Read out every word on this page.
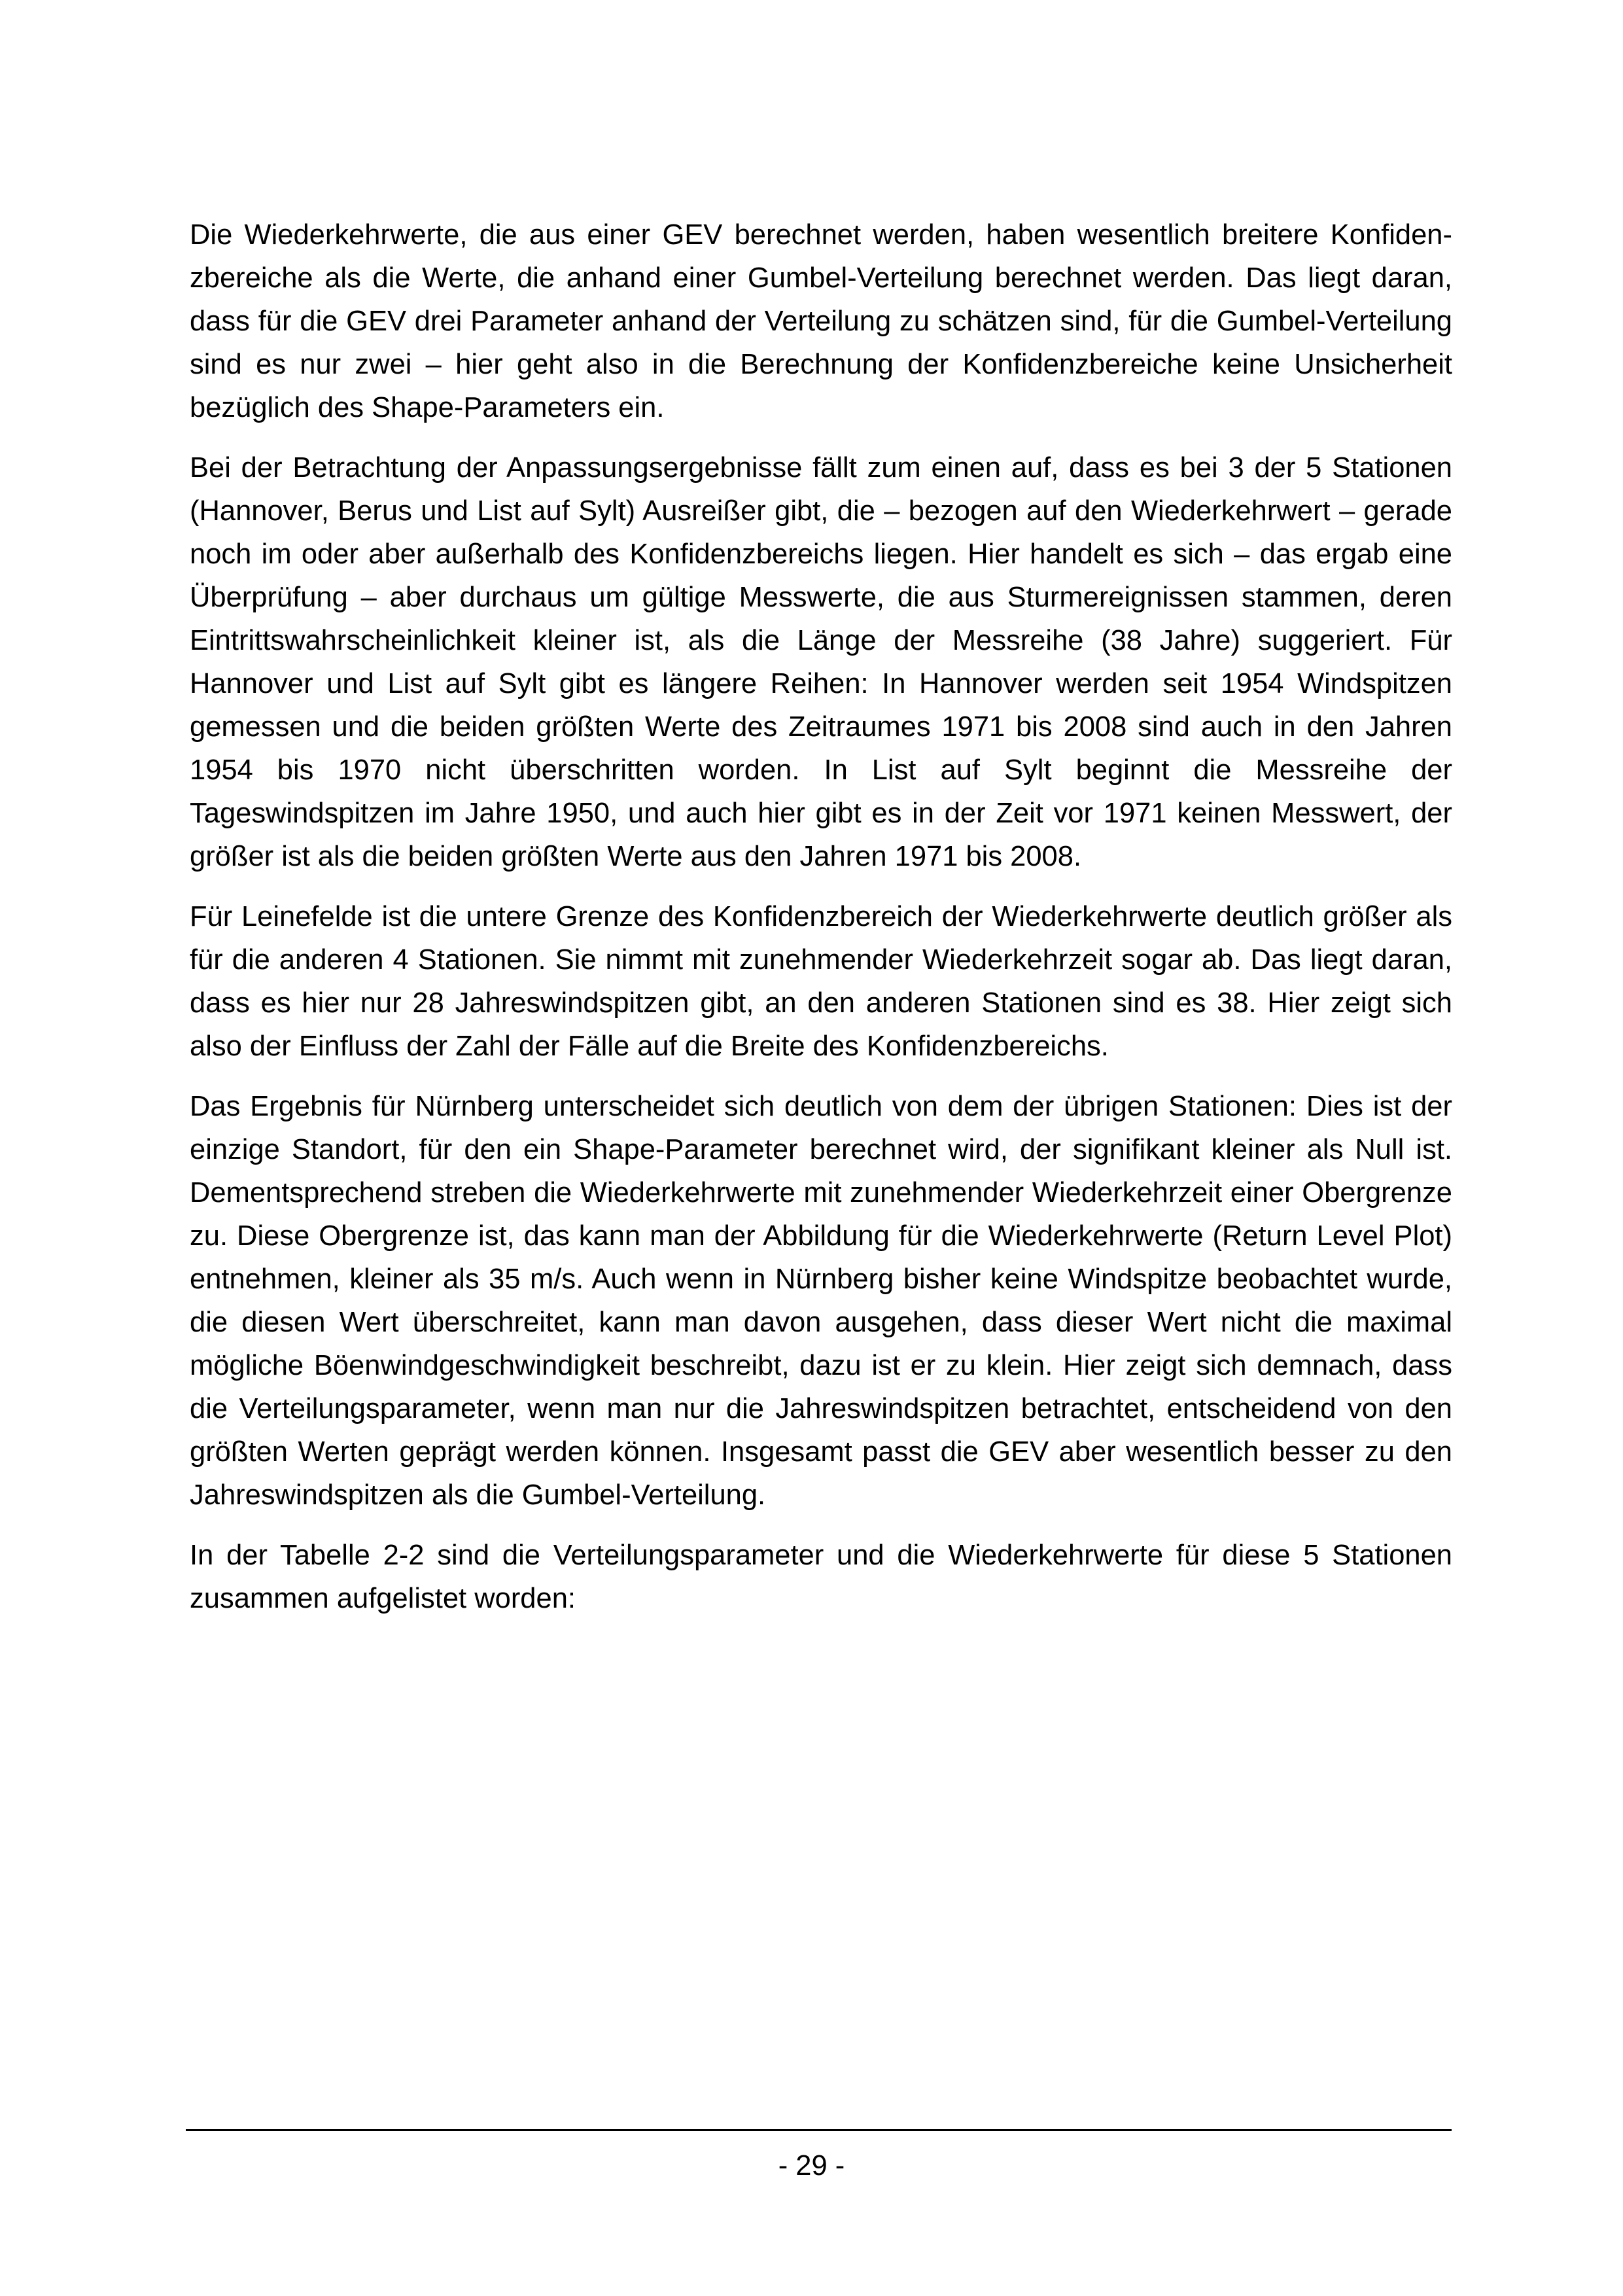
Die Wiederkehrwerte, die aus einer GEV berechnet werden, haben wesentlich breitere Konfidenzbereiche als die Werte, die anhand einer Gumbel-Verteilung berechnet werden. Das liegt daran, dass für die GEV drei Parameter anhand der Verteilung zu schätzen sind, für die Gumbel-Verteilung sind es nur zwei – hier geht also in die Berechnung der Konfidenzbereiche keine Unsicherheit bezüglich des Shape-Parameters ein.

Bei der Betrachtung der Anpassungsergebnisse fällt zum einen auf, dass es bei 3 der 5 Stationen (Hannover, Berus und List auf Sylt) Ausreißer gibt, die – bezogen auf den Wiederkehrwert – gerade noch im oder aber außerhalb des Konfidenzbereichs liegen. Hier handelt es sich – das ergab eine Überprüfung – aber durchaus um gültige Messwerte, die aus Sturmereignissen stammen, deren Eintrittswahrscheinlichkeit kleiner ist, als die Länge der Messreihe (38 Jahre) suggeriert. Für Hannover und List auf Sylt gibt es längere Reihen: In Hannover werden seit 1954 Windspitzen gemessen und die beiden größten Werte des Zeitraumes 1971 bis 2008 sind auch in den Jahren 1954 bis 1970 nicht überschritten worden. In List auf Sylt beginnt die Messreihe der Tageswindspitzen im Jahre 1950, und auch hier gibt es in der Zeit vor 1971 keinen Messwert, der größer ist als die beiden größten Werte aus den Jahren 1971 bis 2008.

Für Leinefelde ist die untere Grenze des Konfidenzbereich der Wiederkehrwerte deutlich größer als für die anderen 4 Stationen. Sie nimmt mit zunehmender Wiederkehrzeit sogar ab. Das liegt daran, dass es hier nur 28 Jahreswindspitzen gibt, an den anderen Stationen sind es 38. Hier zeigt sich also der Einfluss der Zahl der Fälle auf die Breite des Konfidenzbereichs.

Das Ergebnis für Nürnberg unterscheidet sich deutlich von dem der übrigen Stationen: Dies ist der einzige Standort, für den ein Shape-Parameter berechnet wird, der signifikant kleiner als Null ist. Dementsprechend streben die Wiederkehrwerte mit zunehmender Wiederkehrzeit einer Obergrenze zu. Diese Obergrenze ist, das kann man der Abbildung für die Wiederkehrwerte (Return Level Plot) entnehmen, kleiner als 35 m/s. Auch wenn in Nürnberg bisher keine Windspitze beobachtet wurde, die diesen Wert überschreitet, kann man davon ausgehen, dass dieser Wert nicht die maximal mögliche Böenwindgeschwindigkeit beschreibt, dazu ist er zu klein. Hier zeigt sich demnach, dass die Verteilungsparameter, wenn man nur die Jahreswindspitzen betrachtet, entscheidend von den größten Werten geprägt werden können. Insgesamt passt die GEV aber wesentlich besser zu den Jahreswindspitzen als die Gumbel-Verteilung.

In der Tabelle 2-2 sind die Verteilungsparameter und die Wiederkehrwerte für diese 5 Stationen zusammen aufgelistet worden:

- 29 -
